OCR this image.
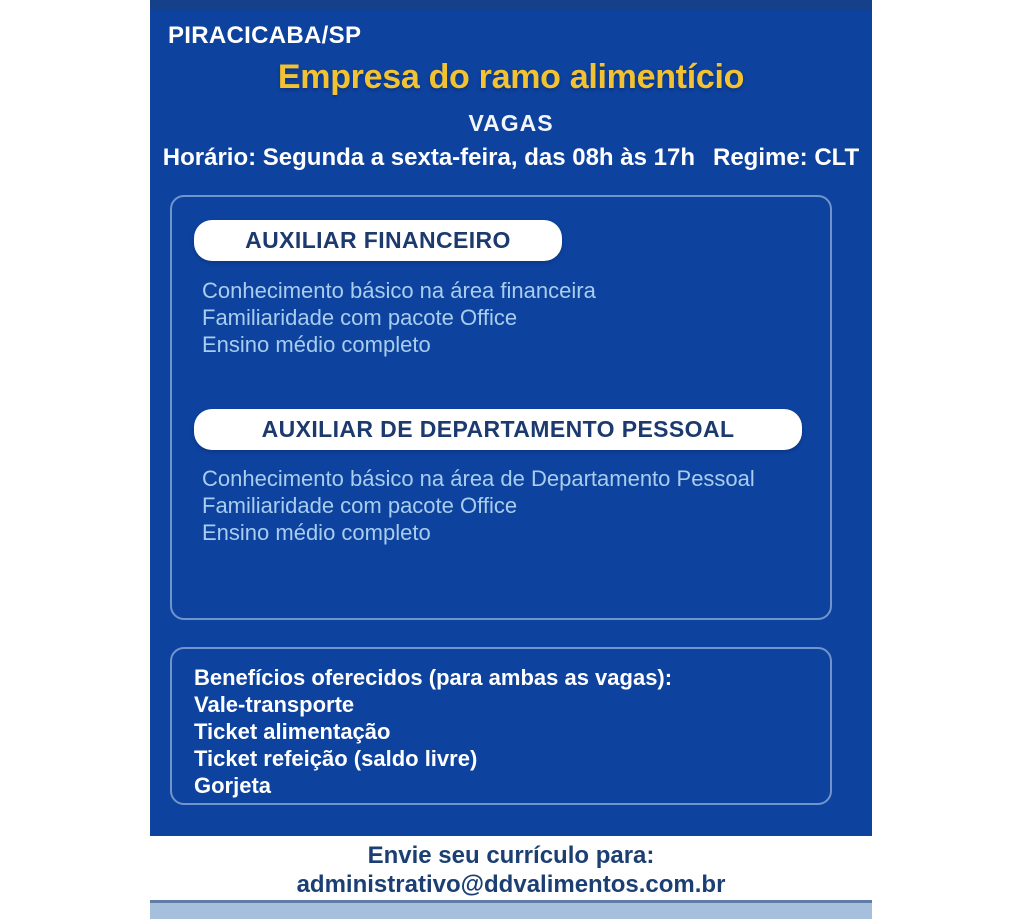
PIRACICABA/SP
Empresa do ramo alimentício
VAGAS
Horário: Segunda a sexta-feira, das 08h às 17h Regime: CLT
AUXILIAR FINANCEIRO
Conhecimento básico na área financeira
Familiaridade com pacote Office
Ensino médio completo
AUXILIAR DE DEPARTAMENTO PESSOAL
Conhecimento básico na área de Departamento Pessoal
Familiaridade com pacote Office
Ensino médio completo
Benefícios oferecidos (para ambas as vagas):
Vale-transporte
Ticket alimentação
Ticket refeição (saldo livre)
Gorjeta
Envie seu currículo para: administrativo@ddvalimentos.com.br
